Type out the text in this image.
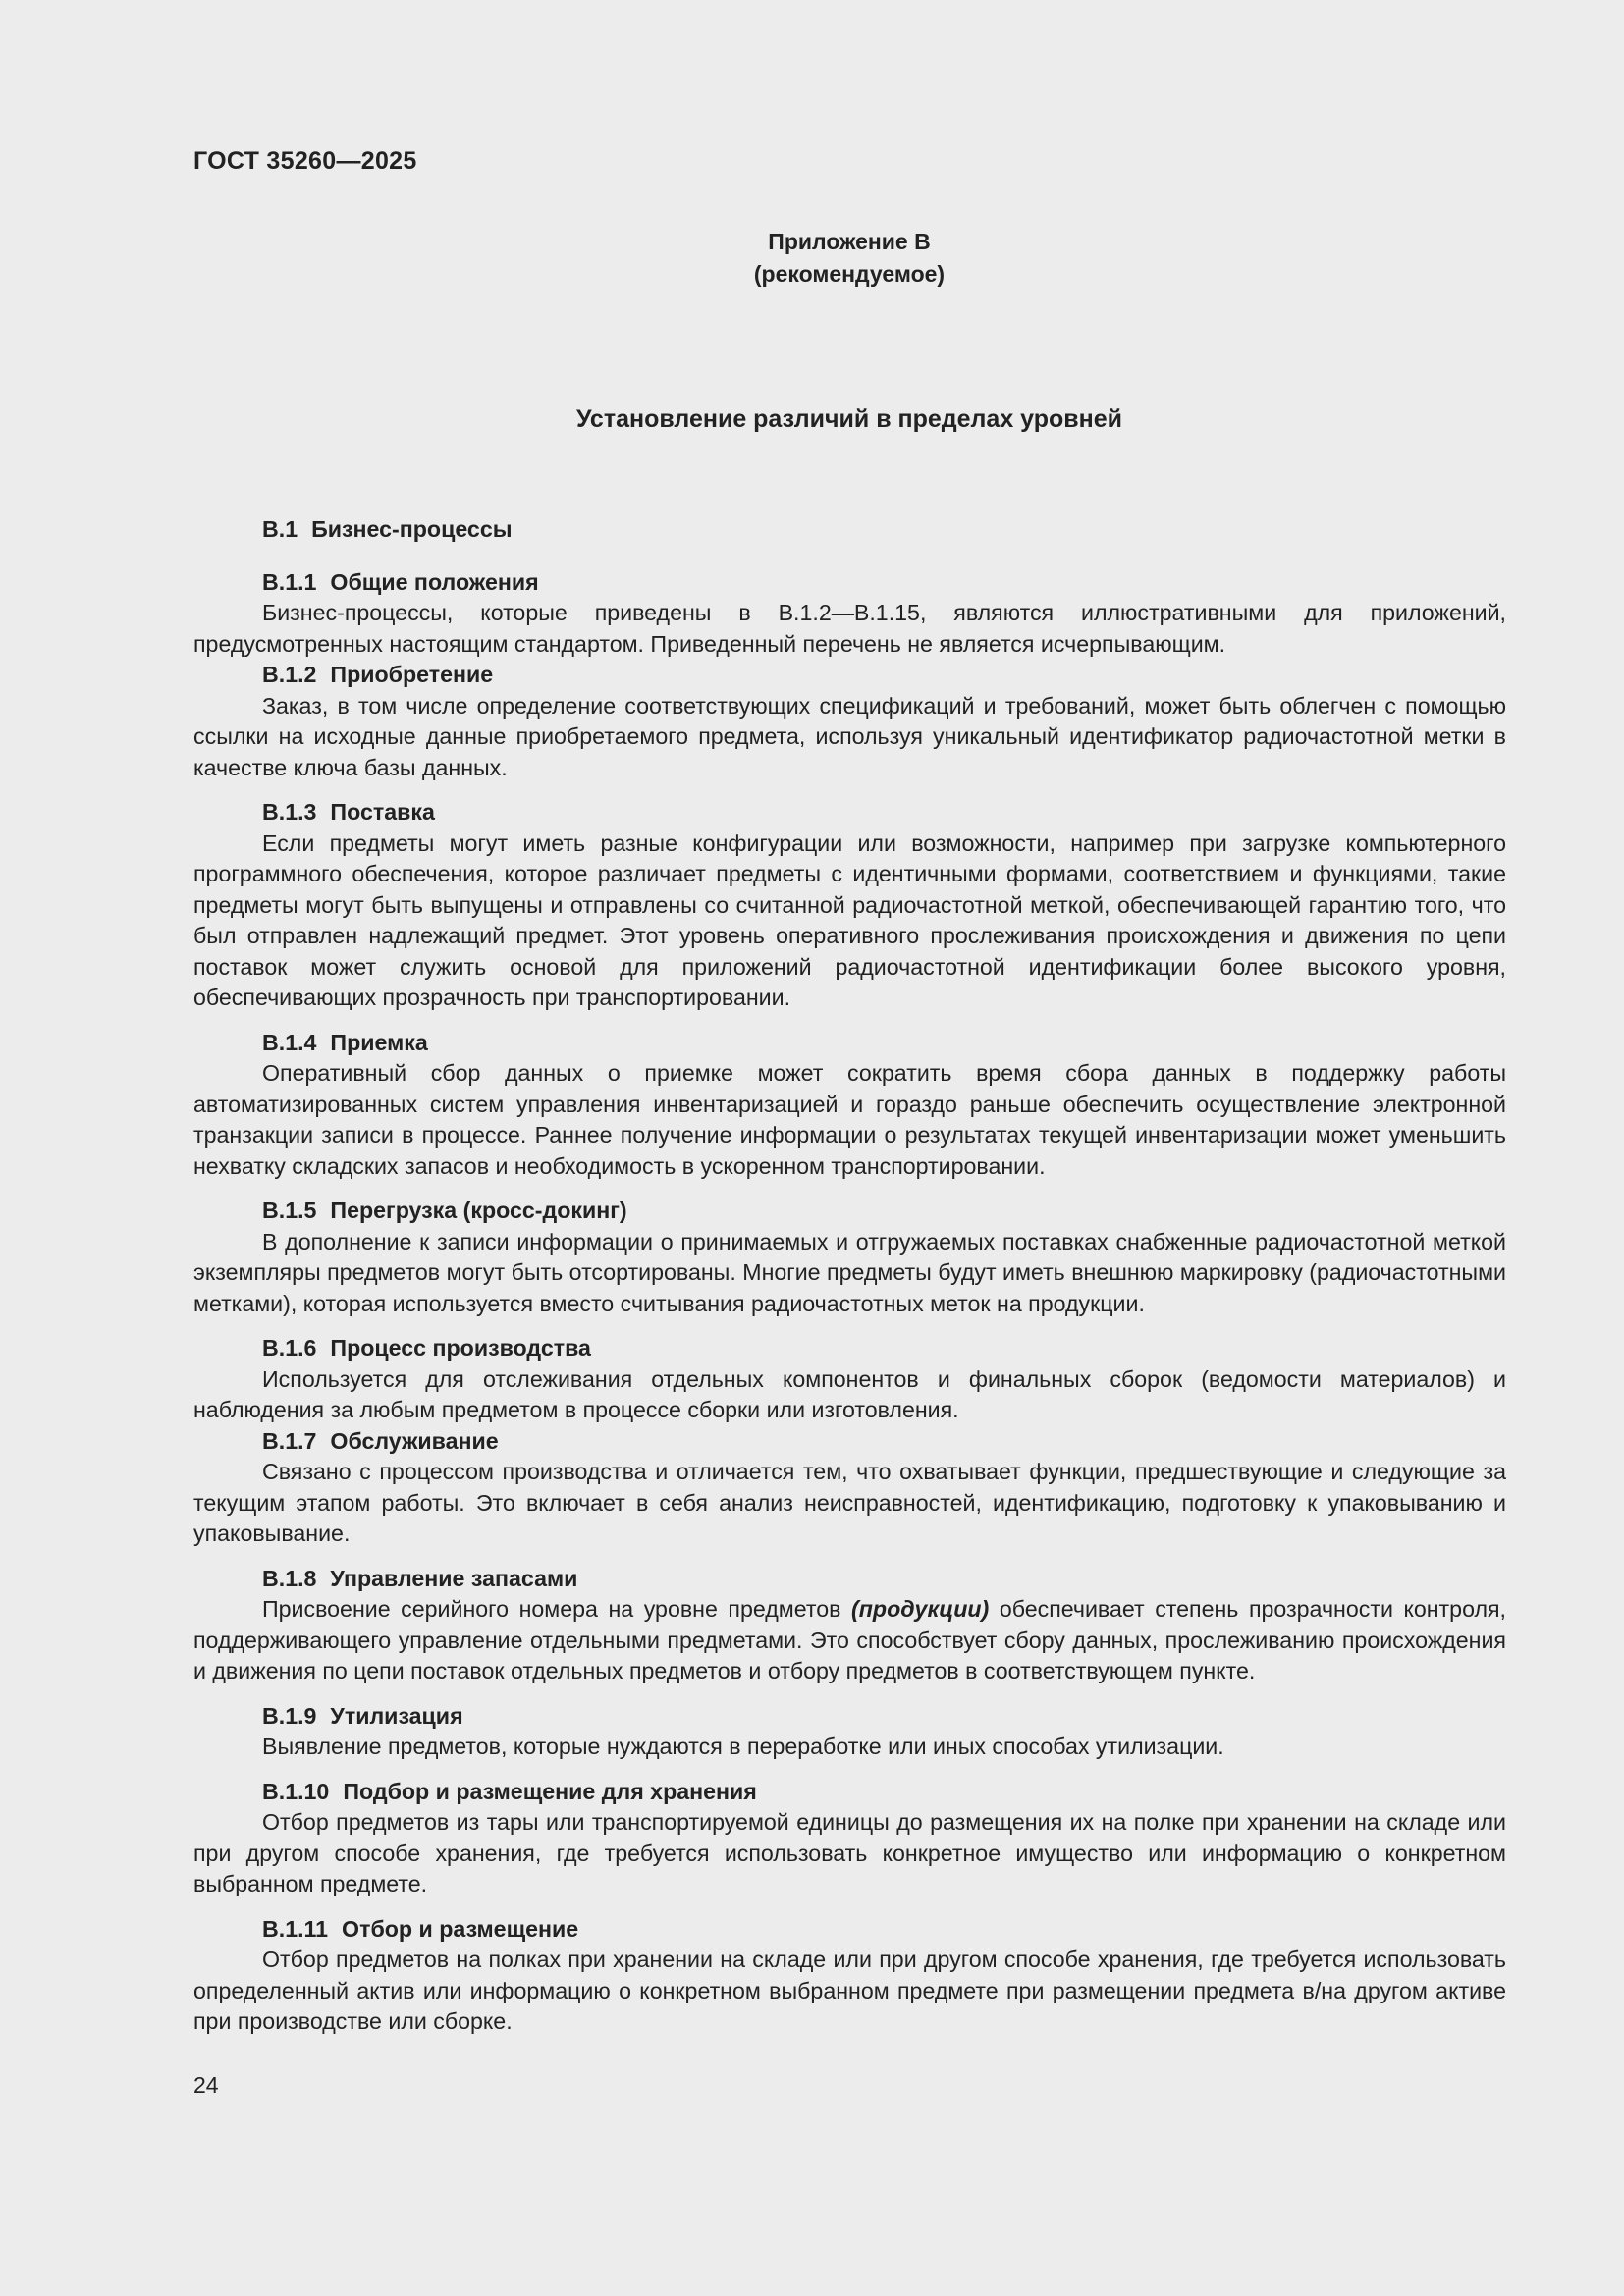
ГОСТ 35260—2025
Приложение В
(рекомендуемое)
Установление различий в пределах уровней
В.1 Бизнес-процессы
В.1.1 Общие положения

Бизнес-процессы, которые приведены в В.1.2—В.1.15, являются иллюстративными для приложений, предусмотренных настоящим стандартом. Приведенный перечень не является исчерпывающим.

В.1.2 Приобретение

Заказ, в том числе определение соответствующих спецификаций и требований, может быть облегчен с помощью ссылки на исходные данные приобретаемого предмета, используя уникальный идентификатор радиочастотной метки в качестве ключа базы данных.

В.1.3 Поставка

Если предметы могут иметь разные конфигурации или возможности, например при загрузке компьютерного программного обеспечения, которое различает предметы с идентичными формами, соответствием и функциями, такие предметы могут быть выпущены и отправлены со считанной радиочастотной меткой, обеспечивающей гарантию того, что был отправлен надлежащий предмет. Этот уровень оперативного прослеживания происхождения и движения по цепи поставок может служить основой для приложений радиочастотной идентификации более высокого уровня, обеспечивающих прозрачность при транспортировании.

В.1.4 Приемка

Оперативный сбор данных о приемке может сократить время сбора данных в поддержку работы автоматизированных систем управления инвентаризацией и гораздо раньше обеспечить осуществление электронной транзакции записи в процессе. Раннее получение информации о результатах текущей инвентаризации может уменьшить нехватку складских запасов и необходимость в ускоренном транспортировании.

В.1.5 Перегрузка (кросс-докинг)

В дополнение к записи информации о принимаемых и отгружаемых поставках снабженные радиочастотной меткой экземпляры предметов могут быть отсортированы. Многие предметы будут иметь внешнюю маркировку (радиочастотными метками), которая используется вместо считывания радиочастотных меток на продукции.

В.1.6 Процесс производства

Используется для отслеживания отдельных компонентов и финальных сборок (ведомости материалов) и наблюдения за любым предметом в процессе сборки или изготовления.

В.1.7 Обслуживание

Связано с процессом производства и отличается тем, что охватывает функции, предшествующие и следующие за текущим этапом работы. Это включает в себя анализ неисправностей, идентификацию, подготовку к упаковыванию и упаковывание.

В.1.8 Управление запасами

Присвоение серийного номера на уровне предметов (продукции) обеспечивает степень прозрачности контроля, поддерживающего управление отдельными предметами. Это способствует сбору данных, прослеживанию происхождения и движения по цепи поставок отдельных предметов и отбору предметов в соответствующем пункте.

В.1.9 Утилизация

Выявление предметов, которые нуждаются в переработке или иных способах утилизации.

В.1.10 Подбор и размещение для хранения

Отбор предметов из тары или транспортируемой единицы до размещения их на полке при хранении на складе или при другом способе хранения, где требуется использовать конкретное имущество или информацию о конкретном выбранном предмете.

В.1.11 Отбор и размещение

Отбор предметов на полках при хранении на складе или при другом способе хранения, где требуется использовать определенный актив или информацию о конкретном выбранном предмете при размещении предмета в/на другом активе при производстве или сборке.

24
